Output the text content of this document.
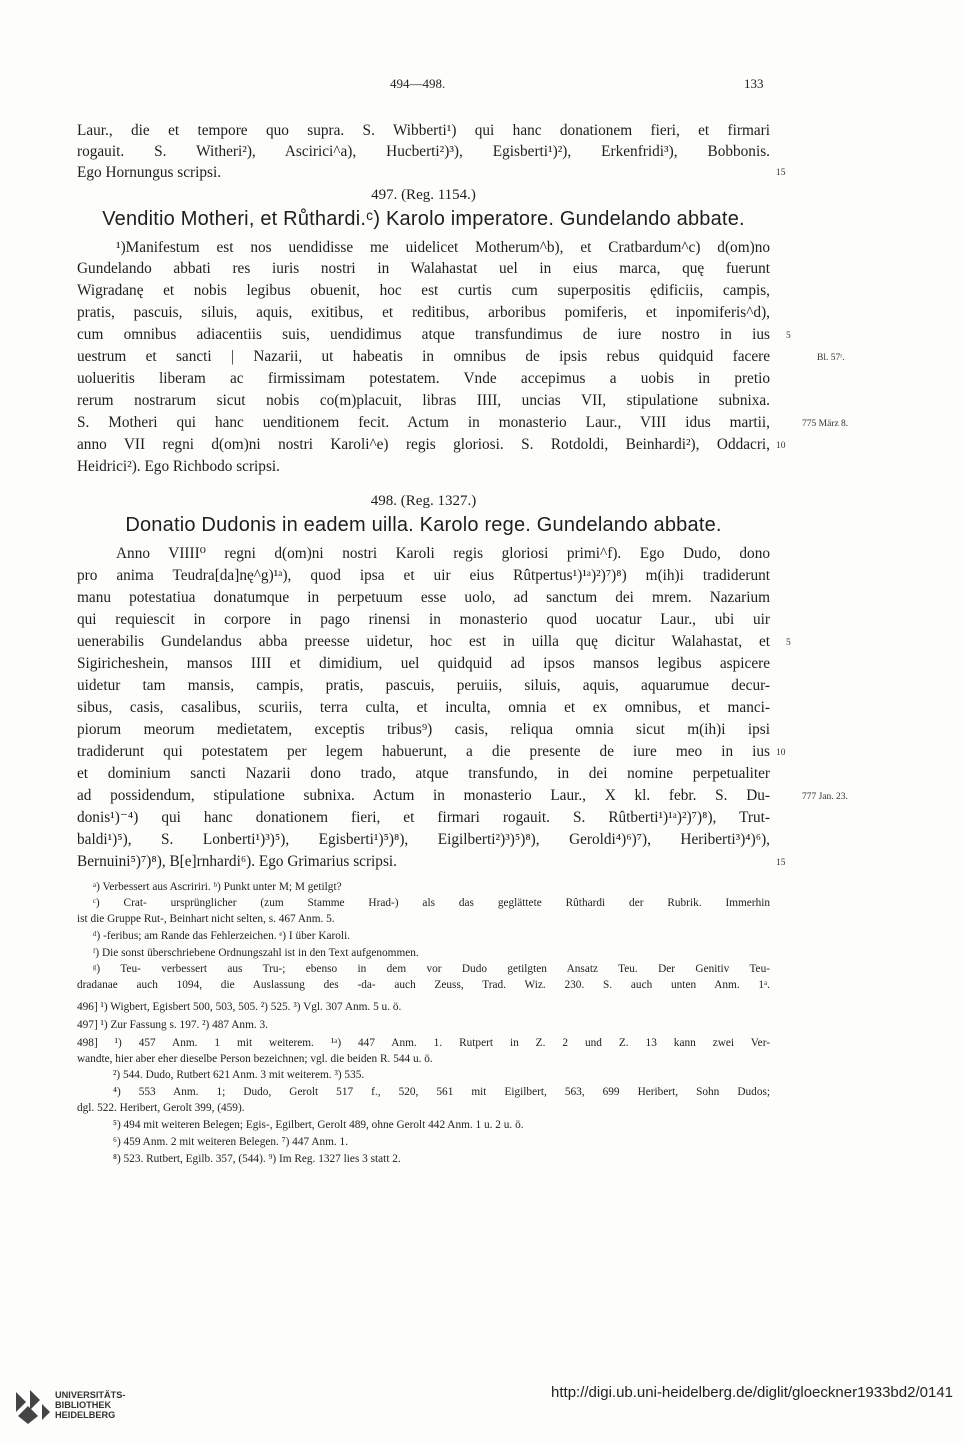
494—498.	133
Laur., die et tempore quo supra. S. Wibberti¹) qui hanc donationem fieri, et firmari
rogauit. S. Witheri²), Ascirici^a), Hucberti²)³), Egisberti¹)²), Erkenfridi³), Bobbonis.
Ego Hornungus scripsi.
497. (Reg. 1154.)
Venditio Motheri, et Růthardi.ᶜ) Karolo imperatore. Gundelando abbate.
¹)Manifestum est nos uendidisse me uidelicet Motherum^b), et Cratbardum^c) d(om)no
Gundelando abbati res iuris nostri in Walahastat uel in eius marca, quę fuerunt
Wigradanę et nobis legibus obuenit, hoc est curtis cum superpositis ędificiis, campis,
pratis, pascuis, siluis, aquis, exitibus, et reditibus, arboribus pomiferis, et inpomiferis^d),
cum omnibus adiacentiis suis, uendidimus atque transfundimus de iure nostro in ius
uestrum et sancti | Nazarii, ut habeatis in omnibus de ipsis rebus quidquid facere
uolueritis liberam ac firmissimam potestatem. Vnde accepimus a uobis in pretio
rerum nostrarum sicut nobis co(m)placuit, libras IIII, uncias VII, stipulatione subnixa.
S. Motheri qui hanc uenditionem fecit. Actum in monasterio Laur., VIII idus martii,
anno VII regni d(om)ni nostri Karoli^e) regis gloriosi. S. Rotdoldi, Beinhardi²), Oddacri,
Heidrici²). Ego Richbodo scripsi.
498. (Reg. 1327.)
Donatio Dudonis in eadem uilla. Karolo rege. Gundelando abbate.
Anno VIIII⁰ regni d(om)ni nostri Karoli regis gloriosi primi^f). Ego Dudo, dono
pro anima Teudra[da]nę^g)¹ᵃ), quod ipsa et uir eius Rûtpertus¹)¹ᵃ)²)⁷)⁸) m(ih)i tradiderunt
manu potestatiua donatumque in perpetuum esse uolo, ad sanctum dei mrem. Nazarium
qui requiescit in corpore in pago rinensi in monasterio quod uocatur Laur., ubi uir
uenerabilis Gundelandus abba preesse uidetur, hoc est in uilla quę dicitur Walahastat, et
Sigiricheshein, mansos IIII et dimidium, uel quidquid ad ipsos mansos legibus aspicere
uidetur tam mansis, campis, pratis, pascuis, peruiis, siluis, aquis, aquarumue decur-
sibus, casis, casalibus, scuriis, terra culta, et inculta, omnia et ex omnibus, et manci-
piorum meorum medietatem, exceptis tribus⁹) casis, reliqua omnia sicut m(ih)i ipsi
tradiderunt qui potestatem per legem habuerunt, a die presente de iure meo in ius
et dominium sancti Nazarii dono trado, atque transfundo, in dei nomine perpetualiter
ad possidendum, stipulatione subnixa. Actum in monasterio Laur., X kl. febr. S. Du-
donis¹)⁻⁴) qui hanc donationem fieri, et firmari rogauit. S. Rûtberti¹)¹ᵃ)²)⁷)⁸), Trut-
baldi¹)⁵), S. Lonberti¹)³)⁵), Egisberti¹)⁵)⁸), Eigilberti²)³)⁵)⁸), Geroldi⁴)⁶)⁷), Heriberti³)⁴)⁶),
Bernuini⁵)⁷)⁸), B[e]rnhardi⁶). Ego Grimarius scripsi.
15
5
Bl. 57ʳ.
775 März 8.
10
5
10
777 Jan. 23.
15
ᵃ) Verbessert aus Ascririri. ᵇ) Punkt unter M; M getilgt?
ᶜ) Crat- ursprünglicher (zum Stamme Hrad-) als das geglättete Rûthardi der Rubrik. Immerhin
ist die Gruppe Rut-, Beinhart nicht selten, s. 467 Anm. 5.
ᵈ) -feribus; am Rande das Fehlerzeichen. ᵉ) I über Karoli.
ᶠ) Die sonst überschriebene Ordnungszahl ist in den Text aufgenommen.
ᵍ) Teu- verbessert aus Tru-; ebenso in dem vor Dudo getilgten Ansatz Teu. Der Genitiv Teu-
dradanae auch 1094, die Auslassung des -da- auch Zeuss, Trad. Wiz. 230. S. auch unten Anm. 1ᵃ.
496] ¹) Wigbert, Egisbert 500, 503, 505. ²) 525. ³) Vgl. 307 Anm. 5 u. ö.
497] ¹) Zur Fassung s. 197. ²) 487 Anm. 3.
498] ¹) 457 Anm. 1 mit weiterem. ¹ᵃ) 447 Anm. 1. Rutpert in Z. 2 und Z. 13 kann zwei Ver-
wandte, hier aber eher dieselbe Person bezeichnen; vgl. die beiden R. 544 u. ö.
²) 544. Dudo, Rutbert 621 Anm. 3 mit weiterem. ³) 535.
⁴) 553 Anm. 1; Dudo, Gerolt 517 f., 520, 561 mit Eigilbert, 563, 699 Heribert, Sohn Dudos;
dgl. 522. Heribert, Gerolt 399, (459).
⁵) 494 mit weiteren Belegen; Egis-, Egilbert, Gerolt 489, ohne Gerolt 442 Anm. 1 u. 2 u. ö.
⁶) 459 Anm. 2 mit weiteren Belegen. ⁷) 447 Anm. 1.
⁸) 523. Rutbert, Egilb. 357, (544). ⁹) Im Reg. 1327 lies 3 statt 2.
UNIVERSITÄTS-
BIBLIOTHEK
HEIDELBERG
http://digi.ub.uni-heidelberg.de/diglit/gloeckner1933bd2/0141
